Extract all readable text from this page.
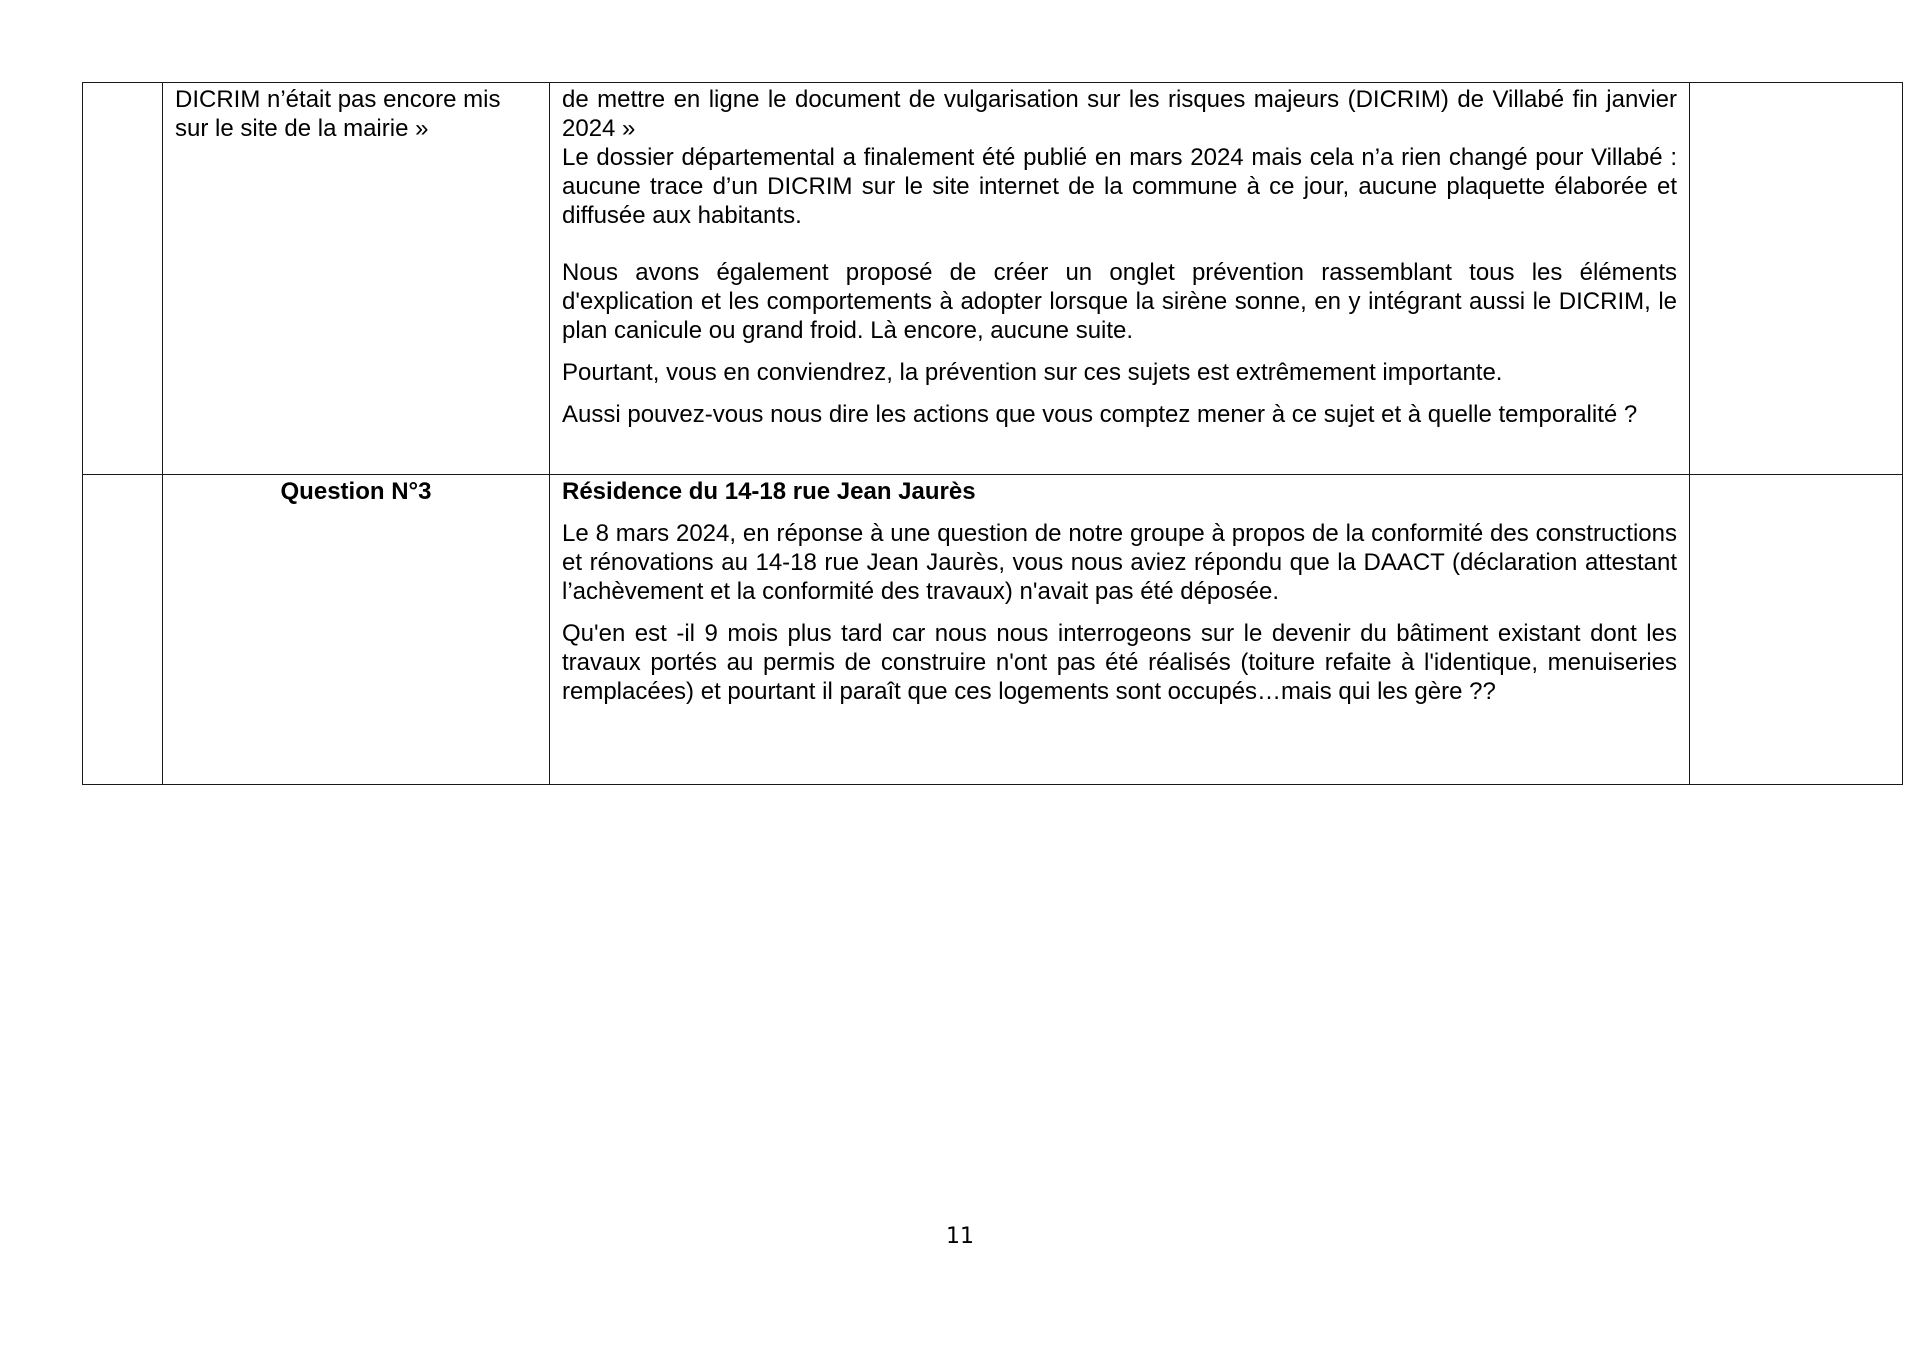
	DICRIM n’était pas encore mis sur le site de la mairie »	de mettre en ligne le document de vulgarisation sur les risques majeurs (DICRIM) de Villabé fin janvier 2024 »

Le dossier départemental a finalement été publié en mars 2024 mais cela n’a rien changé pour Villabé : aucune trace d’un DICRIM sur le site internet de la commune à ce jour, aucune plaquette élaborée et diffusée aux habitants.

Nous avons également proposé de créer un onglet prévention rassemblant tous les éléments d'explication et les comportements à adopter lorsque la sirène sonne, en y intégrant aussi le DICRIM, le plan canicule ou grand froid. Là encore, aucune suite.

Pourtant, vous en conviendrez, la prévention sur ces sujets est extrêmement importante.

Aussi pouvez-vous nous dire les actions que vous comptez mener à ce sujet et à quelle temporalité ?	

	Question N°3	Résidence du 14-18 rue Jean Jaurès

Le 8 mars 2024, en réponse à une question de notre groupe à propos de la conformité des constructions et rénovations au 14-18 rue Jean Jaurès, vous nous aviez répondu que la DAACT (déclaration attestant l’achèvement et la conformité des travaux) n'avait pas été déposée.

Qu'en est -il 9 mois plus tard car nous nous interrogeons sur le devenir du bâtiment existant dont les travaux portés au permis de construire n'ont pas été réalisés (toiture refaite à l'identique, menuiseries remplacées) et pourtant il paraît que ces logements sont occupés…mais qui les gère ??	

11
